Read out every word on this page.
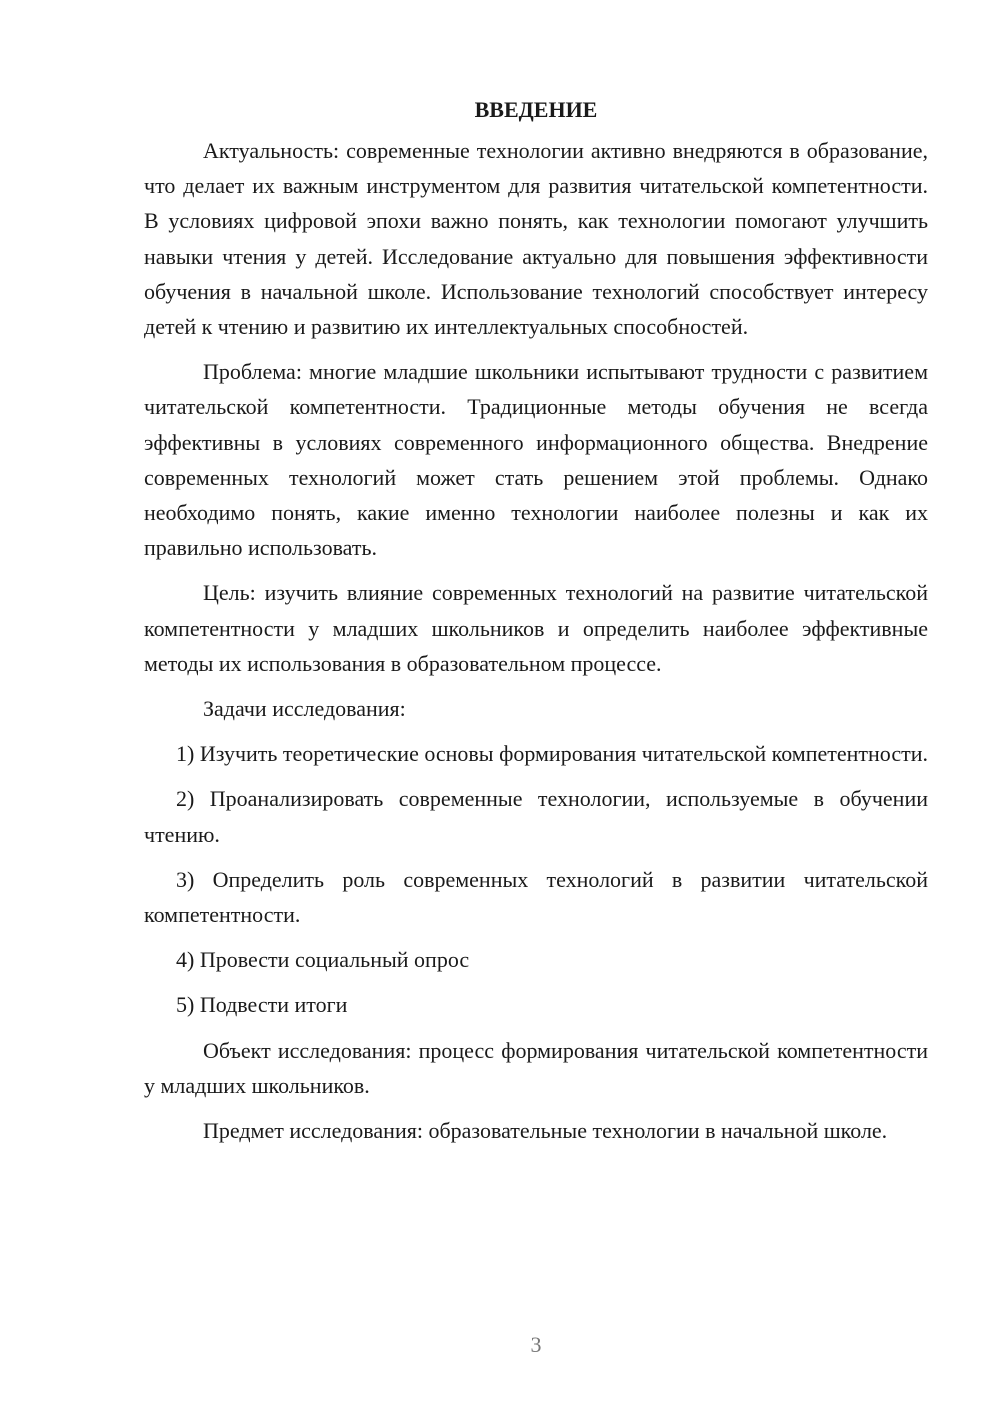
ВВЕДЕНИЕ

Актуальность: современные технологии активно внедряются в образование, что делает их важным инструментом для развития читательской компетентности. В условиях цифровой эпохи важно понять, как технологии помогают улучшить навыки чтения у детей. Исследование актуально для повышения эффективности обучения в начальной школе. Использование технологий способствует интересу детей к чтению и развитию их интеллектуальных способностей.

Проблема: многие младшие школьники испытывают трудности с развитием читательской компетентности. Традиционные методы обучения не всегда эффективны в условиях современного информационного общества. Внедрение современных технологий может стать решением этой проблемы. Однако необходимо понять, какие именно технологии наиболее полезны и как их правильно использовать.

Цель: изучить влияние современных технологий на развитие читательской компетентности у младших школьников и определить наиболее эффективные методы их использования в образовательном процессе.

Задачи исследования:

1) Изучить теоретические основы формирования читательской компетентности.

2) Проанализировать современные технологии, используемые в обучении чтению.

3) Определить роль современных технологий в развитии читательской компетентности.

4) Провести социальный опрос

5) Подвести итоги

Объект исследования: процесс формирования читательской компетентности у младших школьников.

Предмет исследования: образовательные технологии в начальной школе.

3
